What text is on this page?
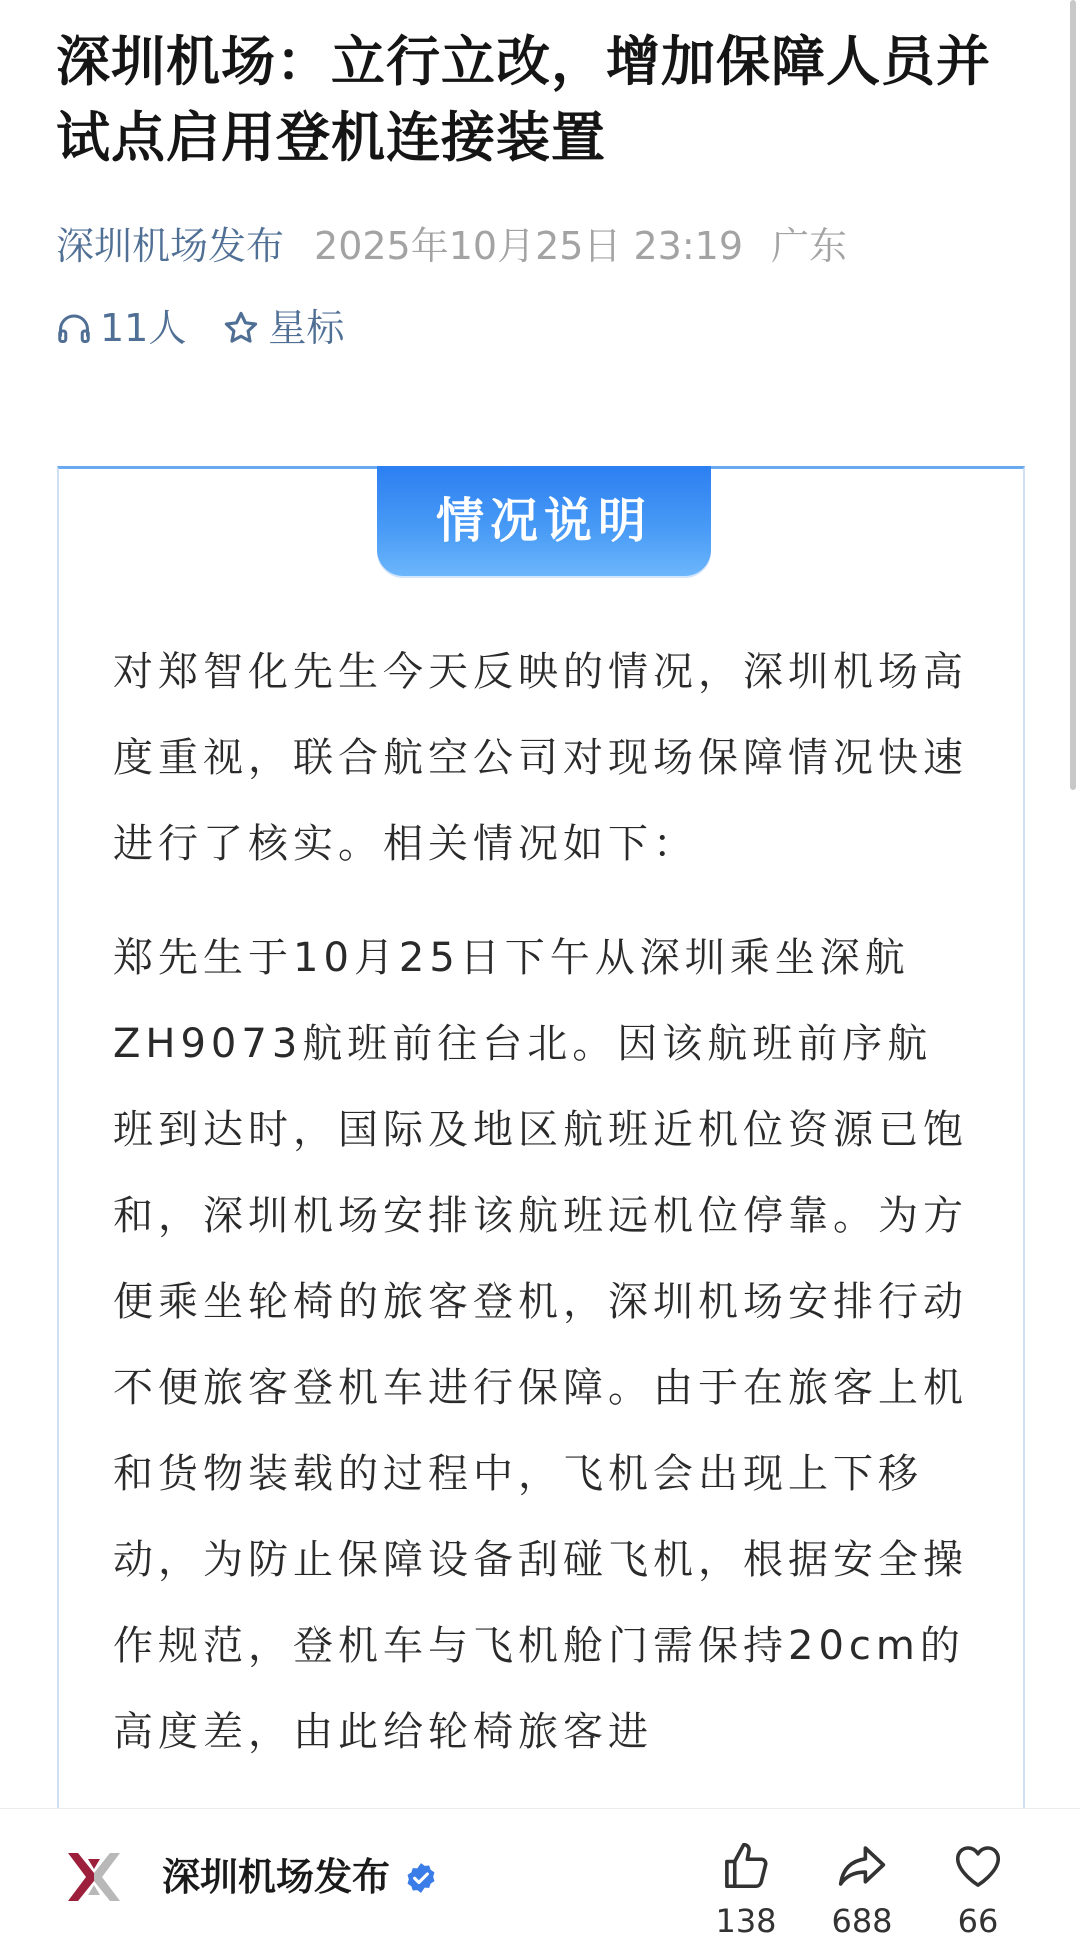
深圳机场：立行立改，增加保障人员并试点启用登机连接装置
深圳机场发布 2025年10月25日 23:19 广东
11人 星标
情况说明

对郑智化先生今天反映的情况，深圳机场高度重视，联合航空公司对现场保障情况快速进行了核实。相关情况如下：

郑先生于10月25日下午从深圳乘坐深航ZH9073航班前往台北。因该航班前序航班到达时，国际及地区航班近机位资源已饱和，深圳机场安排该航班远机位停靠。为方便乘坐轮椅的旅客登机，深圳机场安排行动不便旅客登机车进行保障。由于在旅客上机和货物装载的过程中，飞机会出现上下移动，为防止保障设备刮碰飞机，根据安全操作规范，登机车与飞机舱门需保持20cm的高度差，由此给轮椅旅客进

深圳机场发布
138	688	66
